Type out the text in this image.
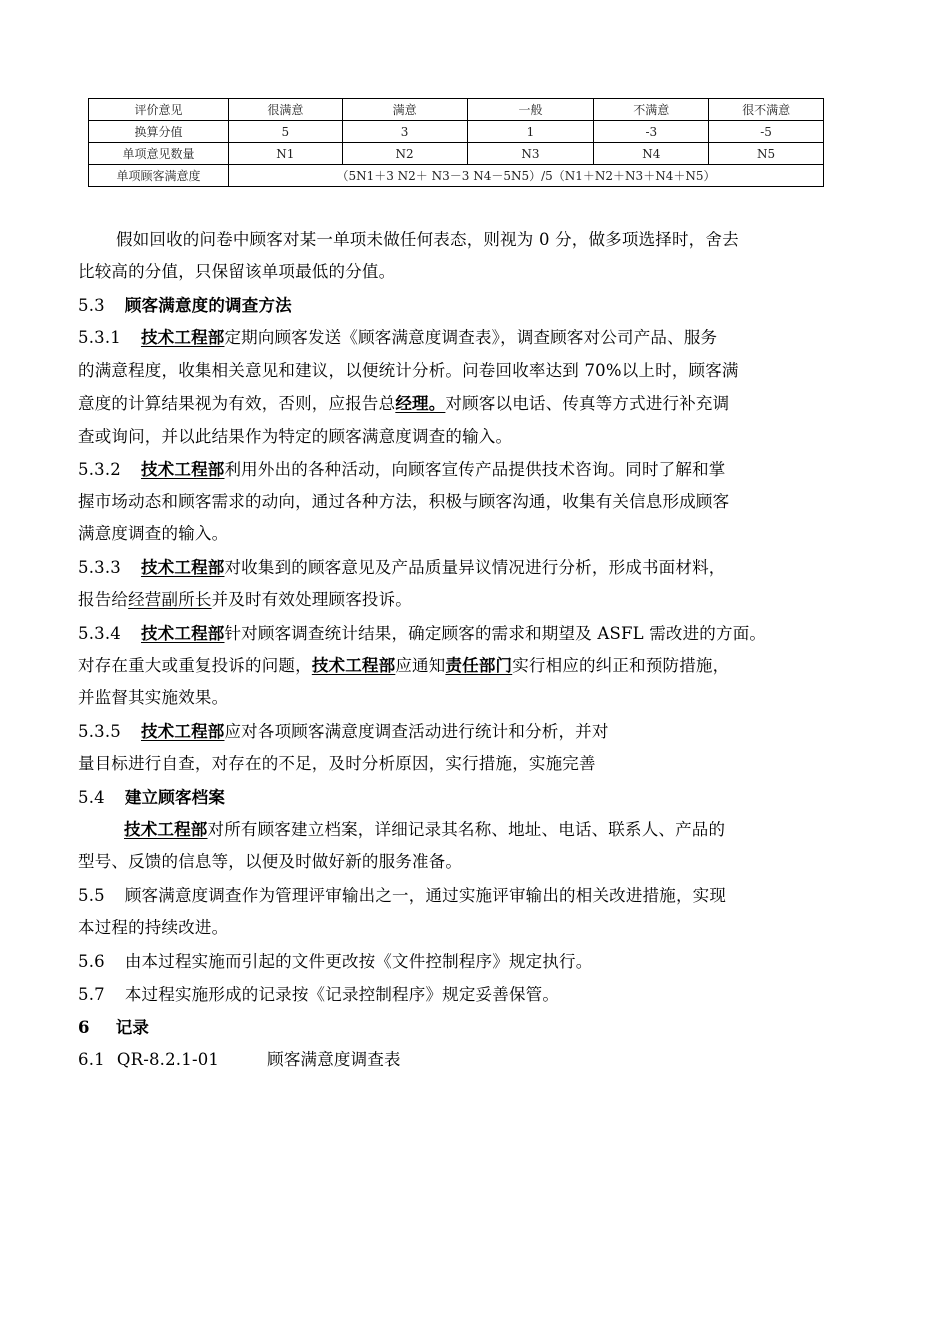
评价意见	很满意	满意	一般	不满意	很不满意
换算分值	5	3	1	-3	-5
单项意见数量	N1	N2	N3	N4	N5
单项顾客满意度	（5N1＋3 N2＋ N3－3 N4－5N5）/5（N1＋N2＋N3＋N4＋N5）				
假如回收的问卷中顾客对某一单项未做任何表态，则视为 0 分，做多项选择时，舍去
比较高的分值，只保留该单项最低的分值。
5.3 顾客满意度的调查方法
5.3.1 技术工程部定期向顾客发送《顾客满意度调查表》，调查顾客对公司产品、服务
的满意程度，收集相关意见和建议，以便统计分析。问卷回收率达到 70%以上时，顾客满
意度的计算结果视为有效，否则，应报告总经理。对顾客以电话、传真等方式进行补充调
查或询问，并以此结果作为特定的顾客满意度调查的输入。
5.3.2 技术工程部利用外出的各种活动，向顾客宣传产品提供技术咨询。同时了解和掌
握市场动态和顾客需求的动向，通过各种方法，积极与顾客沟通，收集有关信息形成顾客
满意度调查的输入。
5.3.3 技术工程部对收集到的顾客意见及产品质量异议情况进行分析，形成书面材料，
报告给经营副所长并及时有效处理顾客投诉。
5.3.4 技术工程部针对顾客调查统计结果，确定顾客的需求和期望及 ASFL 需改进的方面。
对存在重大或重复投诉的问题，技术工程部应通知责任部门实行相应的纠正和预防措施，
并监督其实施效果。
5.3.5 技术工程部应对各项顾客满意度调查活动进行统计和分析，并对
量目标进行自查，对存在的不足，及时分析原因，实行措施，实施完善
5.4 建立顾客档案
技术工程部对所有顾客建立档案，详细记录其名称、地址、电话、联系人、产品的
型号、反馈的信息等，以便及时做好新的服务准备。
5.5 顾客满意度调查作为管理评审输出之一，通过实施评审输出的相关改进措施，实现
本过程的持续改进。
5.6 由本过程实施而引起的文件更改按《文件控制程序》规定执行。
5.7 本过程实施形成的记录按《记录控制程序》规定妥善保管。
6 记录
6.1 QR-8.2.1-01	顾客满意度调查表
